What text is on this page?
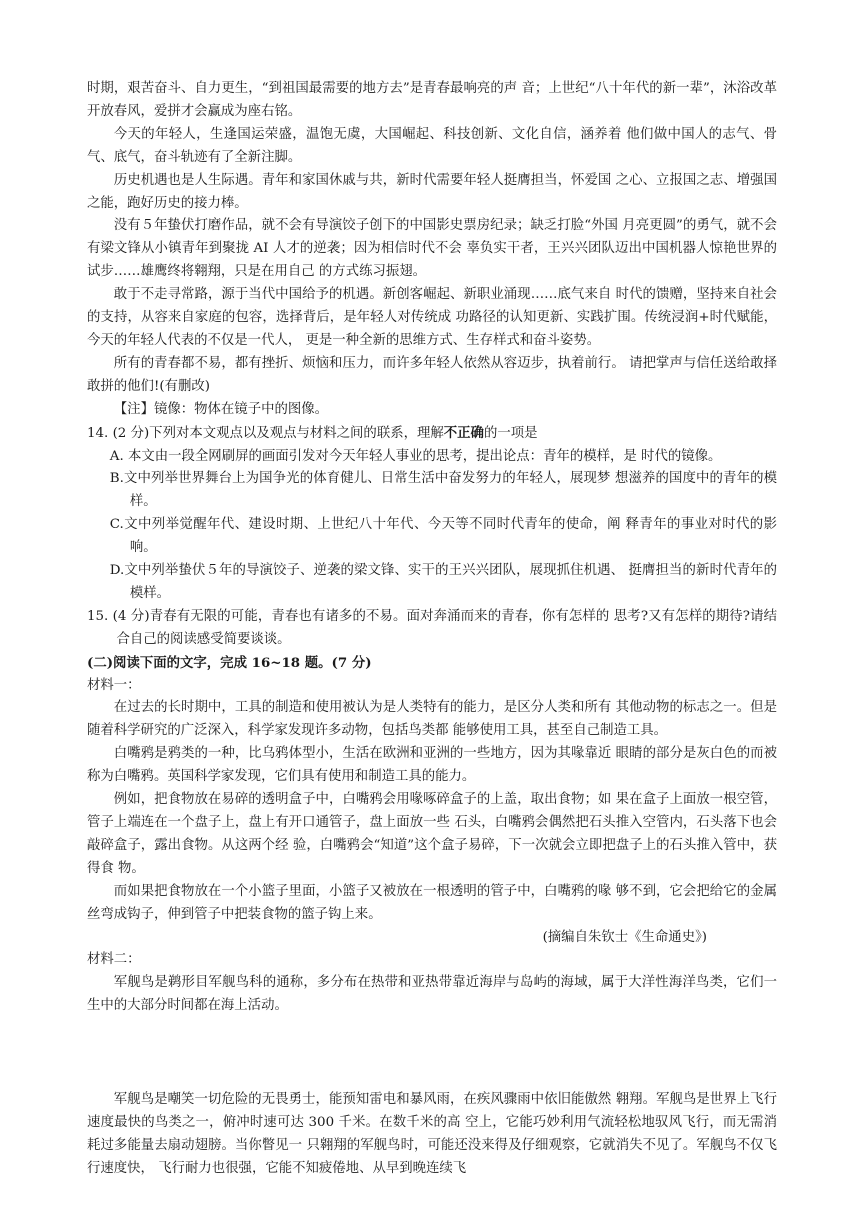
时期，艰苦奋斗、自力更生，“到祖国最需要的地方去”是青春最响亮的声 音；上世纪“八十年代的新一辈”，沐浴改革开放春风，爱拼才会赢成为座右铭。

今天的年轻人，生逢国运荣盛，温饱无虞，大国崛起、科技创新、文化自信，涵养着 他们做中国人的志气、骨气、底气，奋斗轨迹有了全新注脚。

历史机遇也是人生际遇。青年和家国休戚与共，新时代需要年轻人挺膺担当，怀爱国 之心、立报国之志、增强国之能，跑好历史的接力棒。

没有５年蛰伏打磨作品，就不会有导演饺子创下的中国影史票房纪录；缺乏打脸“外国 月亮更圆”的勇气，就不会有梁文锋从小镇青年到聚拢 AI 人才的逆袭；因为相信时代不会 辜负实干者，王兴兴团队迈出中国机器人惊艳世界的试步……雄鹰终将翱翔，只是在用自己 的方式练习振翅。

敢于不走寻常路，源于当代中国给予的机遇。新创客崛起、新职业涌现……底气来自 时代的馈赠，坚持来自社会的支持，从容来自家庭的包容，选择背后，是年轻人对传统成 功路径的认知更新、实践扩围。传统浸润+时代赋能，今天的年轻人代表的不仅是一代人， 更是一种全新的思维方式、生存样式和奋斗姿势。

所有的青春都不易，都有挫折、烦恼和压力，而许多年轻人依然从容迈步，执着前行。 请把掌声与信任送给敢择敢拼的他们!(有删改)

【注】镜像：物体在镜子中的图像。

14. (2 分)下列对本文观点以及观点与材料之间的联系，理解不正确的一项是

A. 本文由一段全网刷屏的画面引发对今天年轻人事业的思考，提出论点：青年的模样，是 时代的镜像。

B.文中列举世界舞台上为国争光的体育健儿、日常生活中奋发努力的年轻人，展现梦 想滋养的国度中的青年的模样。

C.文中列举觉醒年代、建设时期、上世纪八十年代、今天等不同时代青年的使命，阐 释青年的事业对时代的影响。

D.文中列举蛰伏５年的导演饺子、逆袭的梁文锋、实干的王兴兴团队，展现抓住机遇、 挺膺担当的新时代青年的模样。

15. (4 分)青春有无限的可能，青春也有诸多的不易。面对奔涌而来的青春，你有怎样的 思考?又有怎样的期待?请结合自己的阅读感受简要谈谈。

(二)阅读下面的文字，完成 16~18 题。(7 分)

材料一：

在过去的长时期中，工具的制造和使用被认为是人类特有的能力，是区分人类和所有 其他动物的标志之一。但是随着科学研究的广泛深入，科学家发现许多动物，包括鸟类都 能够使用工具，甚至自己制造工具。

白嘴鸦是鸦类的一种，比乌鸦体型小，生活在欧洲和亚洲的一些地方，因为其喙靠近 眼睛的部分是灰白色的而被称为白嘴鸦。英国科学家发现，它们具有使用和制造工具的能力。

例如，把食物放在易碎的透明盒子中，白嘴鸦会用喙啄碎盒子的上盖，取出食物；如 果在盒子上面放一根空管，管子上端连在一个盘子上，盘上有开口通管子，盘上面放一些 石头，白嘴鸦会偶然把石头推入空管内，石头落下也会敲碎盒子，露出食物。从这两个经 验，白嘴鸦会“知道”这个盒子易碎，下一次就会立即把盘子上的石头推入管中，获得食 物。

而如果把食物放在一个小篮子里面，小篮子又被放在一根透明的管子中，白嘴鸦的喙 够不到，它会把给它的金属丝弯成钩子，伸到管子中把装食物的篮子钩上来。

(摘编自朱钦士《生命通史》)

材料二：

军舰鸟是鹈形目军舰鸟科的通称，多分布在热带和亚热带靠近海岸与岛屿的海域，属于大洋性海洋鸟类，它们一生中的大部分时间都在海上活动。

军舰鸟是嘲笑一切危险的无畏勇士，能预知雷电和暴风雨，在疾风骤雨中依旧能傲然 翱翔。军舰鸟是世界上飞行速度最快的鸟类之一，俯冲时速可达 300 千米。在数千米的高 空上，它能巧妙利用气流轻松地驭风飞行，而无需消耗过多能量去扇动翅膀。当你瞥见一 只翱翔的军舰鸟时，可能还没来得及仔细观察，它就消失不见了。军舰鸟不仅飞行速度快， 飞行耐力也很强，它能不知疲倦地、从早到晚连续飞
